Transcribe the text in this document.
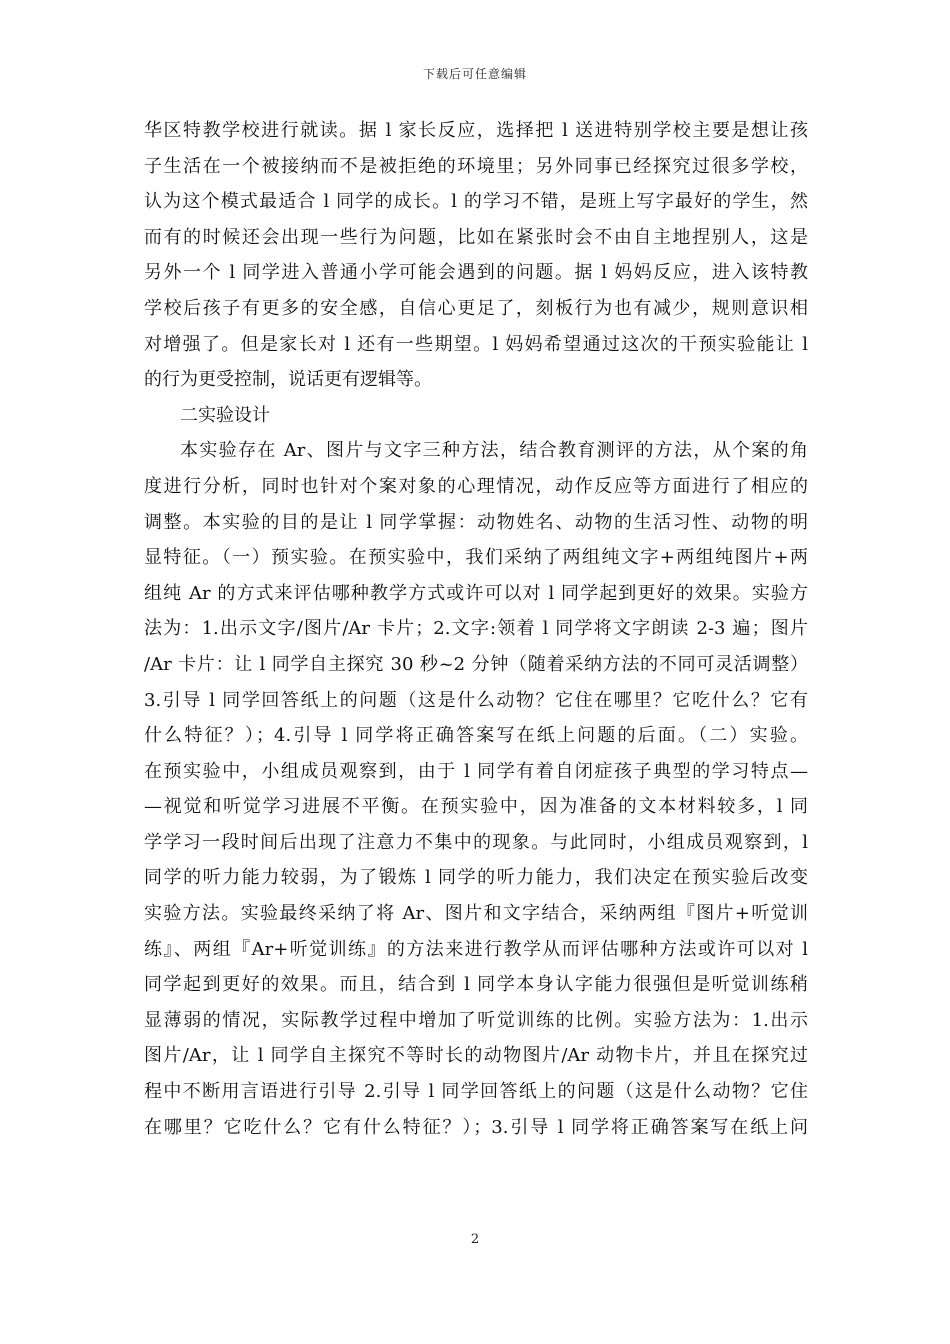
下载后可任意编辑
华区特教学校进行就读。据 l 家长反应，选择把 l 送进特别学校主要是想让孩
子生活在一个被接纳而不是被拒绝的环境里；另外同事已经探究过很多学校，
认为这个模式最适合 l 同学的成长。l 的学习不错，是班上写字最好的学生，然
而有的时候还会出现一些行为问题，比如在紧张时会不由自主地捏别人，这是
另外一个 l 同学进入普通小学可能会遇到的问题。据 l 妈妈反应，进入该特教
学校后孩子有更多的安全感，自信心更足了，刻板行为也有减少，规则意识相
对增强了。但是家长对 l 还有一些期望。l 妈妈希望通过这次的干预实验能让 l
的行为更受控制，说话更有逻辑等。
二实验设计
本实验存在 Ar、图片与文字三种方法，结合教育测评的方法，从个案的角
度进行分析，同时也针对个案对象的心理情况，动作反应等方面进行了相应的
调整。本实验的目的是让 l 同学掌握：动物姓名、动物的生活习性、动物的明
显特征。（一）预实验。在预实验中，我们采纳了两组纯文字+两组纯图片+两
组纯 Ar 的方式来评估哪种教学方式或许可以对 l 同学起到更好的效果。实验方
法为：1.出示文字/图片/Ar 卡片；2.文字:领着 l 同学将文字朗读 2-3 遍；图片
/Ar 卡片：让 l 同学自主探究 30 秒~2 分钟（随着采纳方法的不同可灵活调整）
3.引导 l 同学回答纸上的问题（这是什么动物？它住在哪里？它吃什么？它有
什么特征？）；4.引导 l 同学将正确答案写在纸上问题的后面。（二）实验。
在预实验中，小组成员观察到，由于 l 同学有着自闭症孩子典型的学习特点—
—视觉和听觉学习进展不平衡。在预实验中，因为准备的文本材料较多，l 同
学学习一段时间后出现了注意力不集中的现象。与此同时，小组成员观察到，l
同学的听力能力较弱，为了锻炼 l 同学的听力能力，我们决定在预实验后改变
实验方法。实验最终采纳了将 Ar、图片和文字结合，采纳两组『图片+听觉训
练』、两组『Ar+听觉训练』的方法来进行教学从而评估哪种方法或许可以对 l
同学起到更好的效果。而且，结合到 l 同学本身认字能力很强但是听觉训练稍
显薄弱的情况，实际教学过程中增加了听觉训练的比例。实验方法为：1.出示
图片/Ar，让 l 同学自主探究不等时长的动物图片/Ar 动物卡片，并且在探究过
程中不断用言语进行引导 2.引导 l 同学回答纸上的问题（这是什么动物？它住
在哪里？它吃什么？它有什么特征？）；3.引导 l 同学将正确答案写在纸上问
2
